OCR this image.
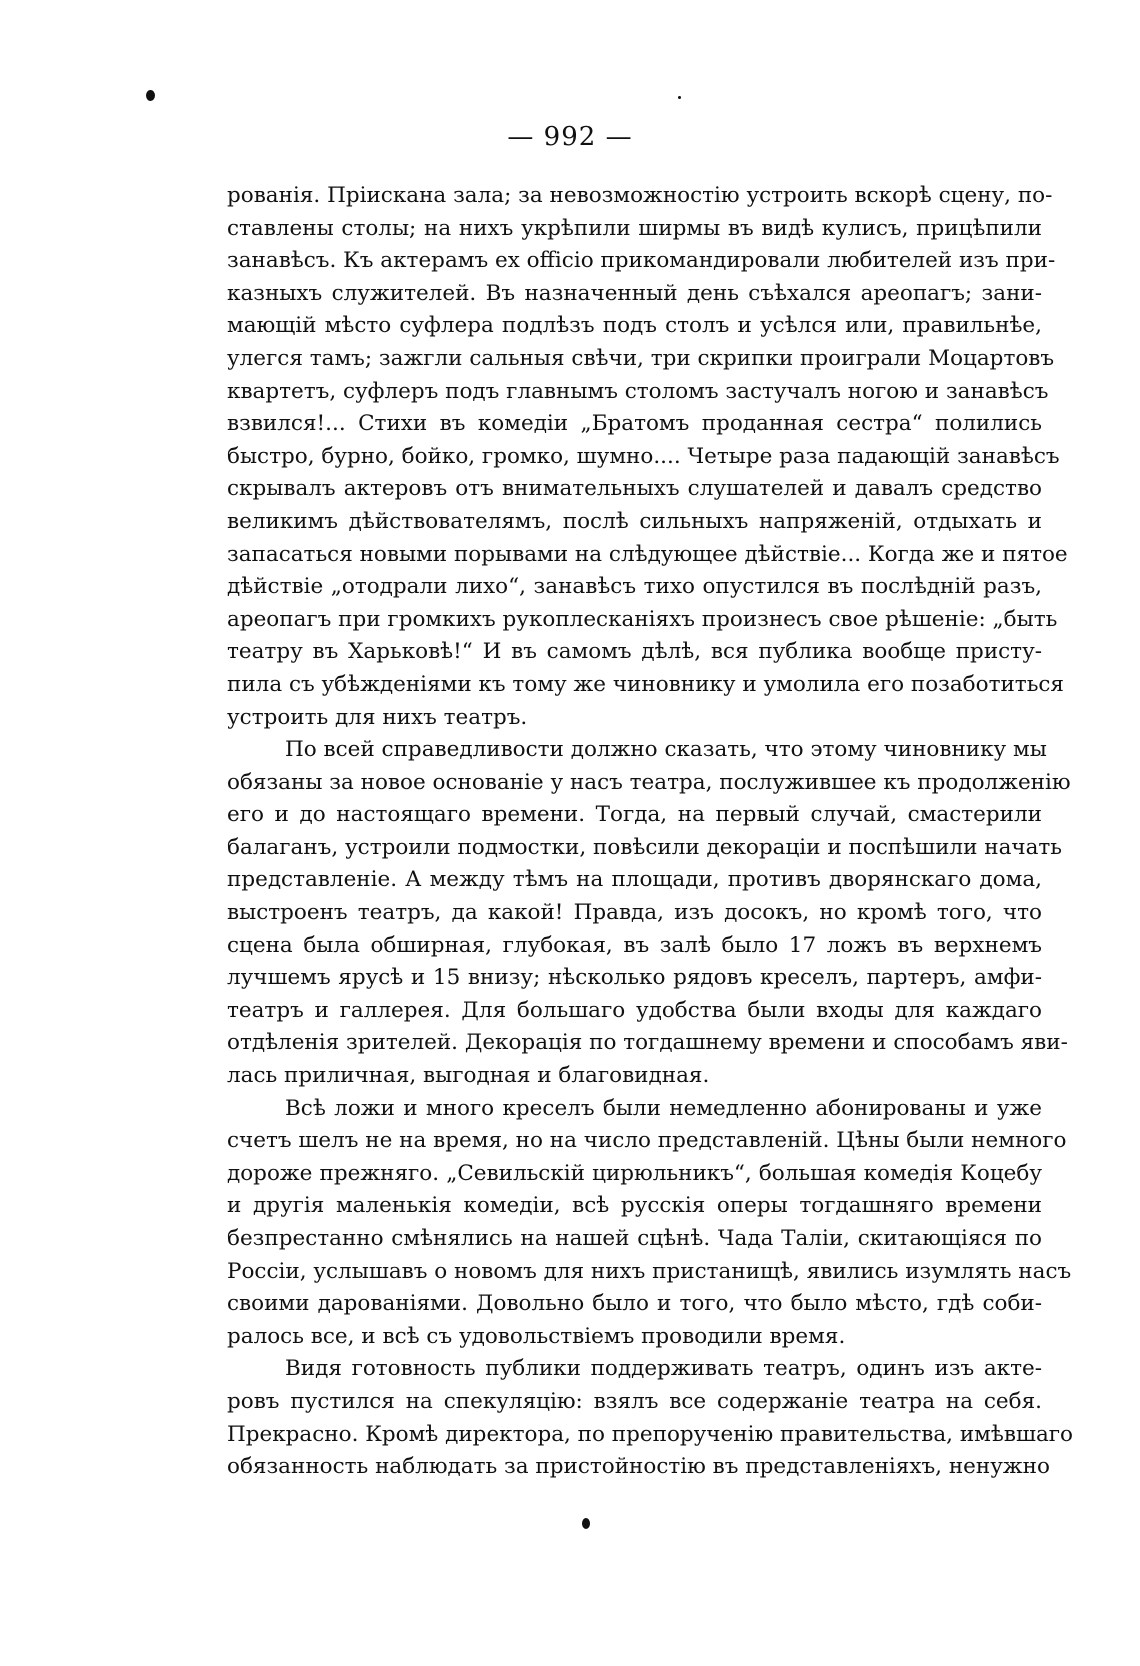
— 992 —
рованія. Пріискана зала; за невозможностію устроить вскорѣ сцену, по-
ставлены столы; на нихъ укрѣпили ширмы въ видѣ кулисъ, прицѣпили
занавѣсъ. Къ актерамъ ex officio прикомандировали любителей изъ при-
казныхъ служителей. Въ назначенный день съѣхался ареопагъ; зани-
мающій мѣсто суфлера подлѣзъ подъ столъ и усѣлся или, правильнѣе,
улегся тамъ; зажгли сальныя свѣчи, три скрипки проиграли Моцартовъ
квартетъ, суфлеръ подъ главнымъ столомъ застучалъ ногою и занавѣсъ
взвился!... Стихи въ комедіи „Братомъ проданная сестра“ полились
быстро, бурно, бойко, громко, шумно.... Четыре раза падающій занавѣсъ
скрывалъ актеровъ отъ внимательныхъ слушателей и давалъ средство
великимъ дѣйствователямъ, послѣ сильныхъ напряженій, отдыхать и
запасаться новыми порывами на слѣдующее дѣйствіе... Когда же и пятое
дѣйствіе „отодрали лихо“, занавѣсъ тихо опустился въ послѣдній разъ,
ареопагъ при громкихъ рукоплесканіяхъ произнесъ свое рѣшеніе: „быть
театру въ Харьковѣ!“ И въ самомъ дѣлѣ, вся публика вообще присту-
пила съ убѣжденіями къ тому же чиновнику и умолила его позаботиться
устроить для нихъ театръ.
По всей справедливости должно сказать, что этому чиновнику мы
обязаны за новое основаніе у насъ театра, послужившее къ продолженію
его и до настоящаго времени. Тогда, на первый случай, смастерили
балаганъ, устроили подмостки, повѣсили декораціи и поспѣшили начать
представленіе. А между тѣмъ на площади, противъ дворянскаго дома,
выстроенъ театръ, да какой! Правда, изъ досокъ, но кромѣ того, что
сцена была обширная, глубокая, въ залѣ было 17 ложъ въ верхнемъ
лучшемъ ярусѣ и 15 внизу; нѣсколько рядовъ креселъ, партеръ, амфи-
театръ и галлерея. Для большаго удобства были входы для каждаго
отдѣленія зрителей. Декорація по тогдашнему времени и способамъ яви-
лась приличная, выгодная и благовидная.
Всѣ ложи и много креселъ были немедленно абонированы и уже
счетъ шелъ не на время, но на число представленій. Цѣны были немного
дороже прежняго. „Севильскій цирюльникъ“, большая комедія Коцебу
и другія маленькія комедіи, всѣ русскія оперы тогдашняго времени
безпрестанно смѣнялись на нашей сцѣнѣ. Чада Таліи, скитающіяся по
Россіи, услышавъ о новомъ для нихъ пристанищѣ, явились изумлять насъ
своими дарованіями. Довольно было и того, что было мѣсто, гдѣ соби-
ралось все, и всѣ съ удовольствіемъ проводили время.
Видя готовность публики поддерживать театръ, одинъ изъ акте-
ровъ пустился на спекуляцію: взялъ все содержаніе театра на себя.
Прекрасно. Кромѣ директора, по препорученію правительства, имѣвшаго
обязанность наблюдать за пристойностію въ представленіяхъ, ненужно
